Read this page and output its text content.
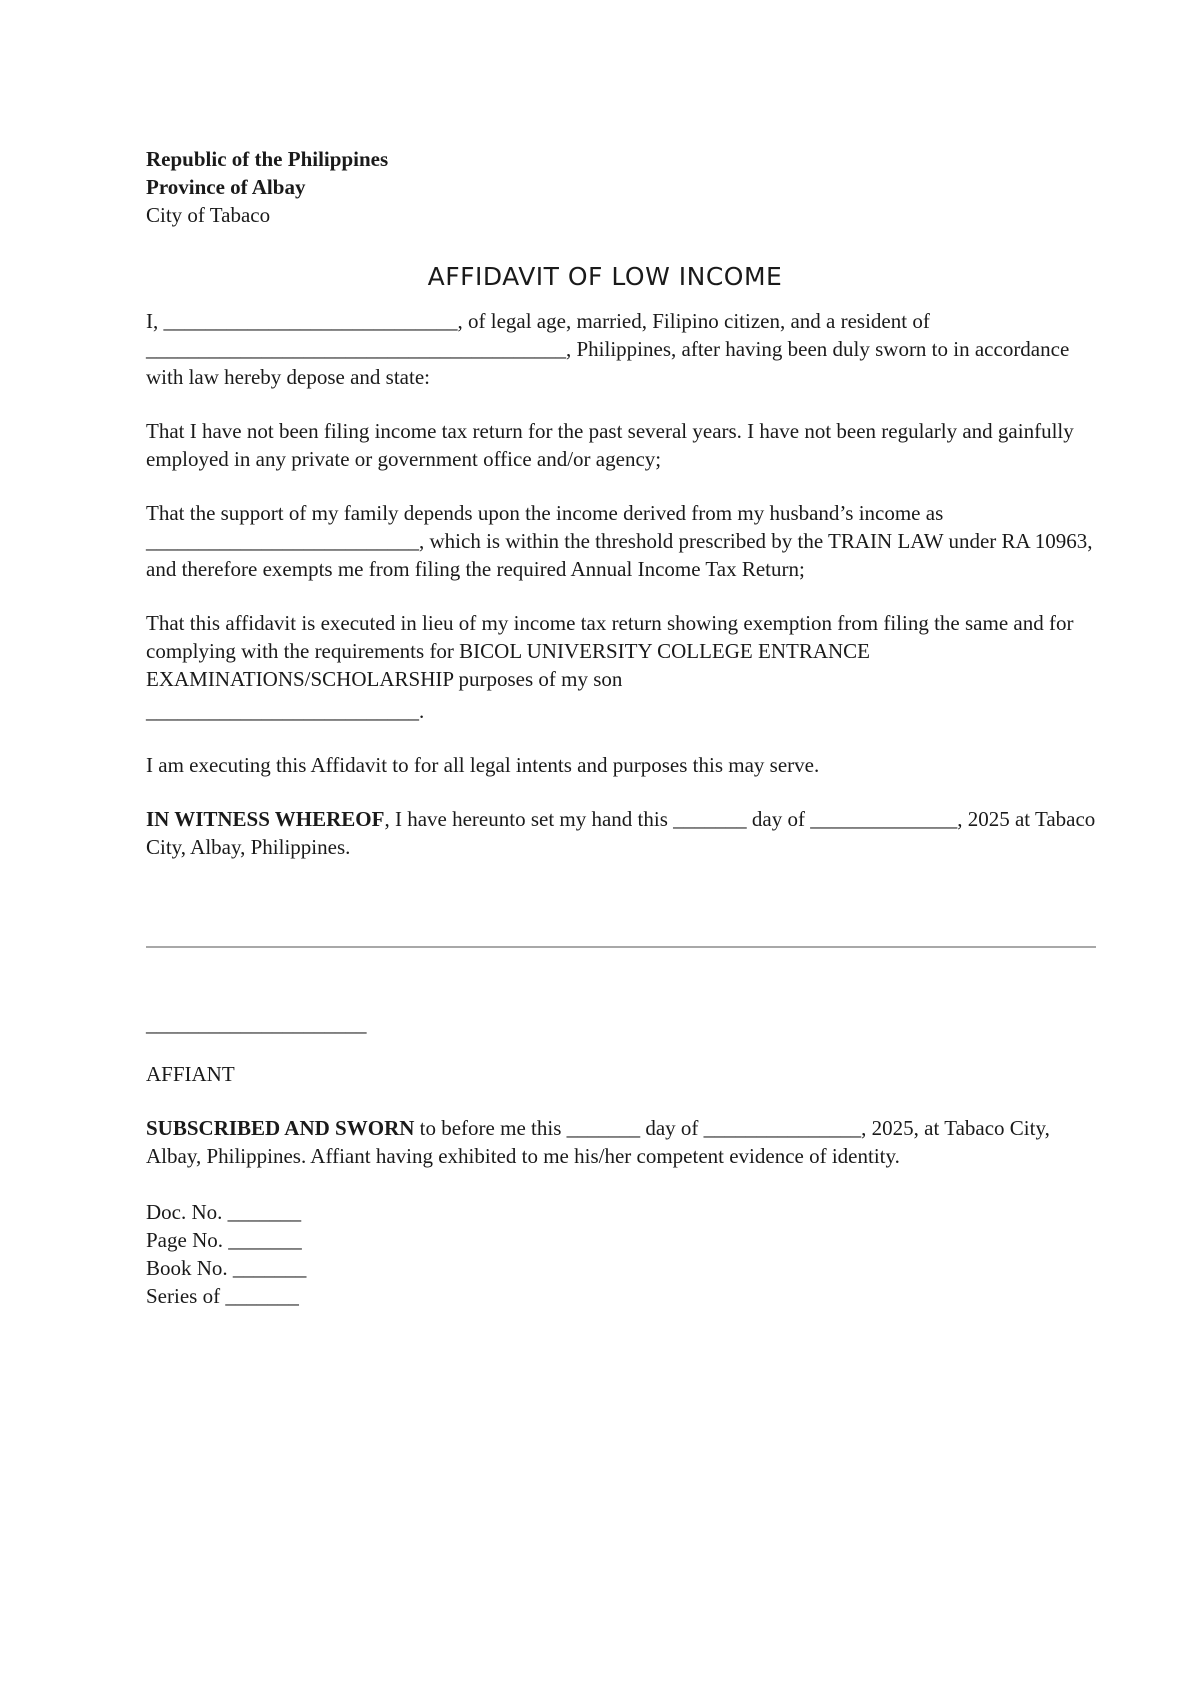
Republic of the Philippines

Province of Albay

City of Tabaco

AFFIDAVIT OF LOW INCOME

I, ____________________________, of legal age, married, Filipino citizen, and a resident of ________________________________________, Philippines, after having been duly sworn to in accordance with law hereby depose and state:

That I have not been filing income tax return for the past several years. I have not been regularly and gainfully employed in any private or government office and/or agency;

That the support of my family depends upon the income derived from my husband’s income as __________________________, which is within the threshold prescribed by the TRAIN LAW under RA 10963, and therefore exempts me from filing the required Annual Income Tax Return;

That this affidavit is executed in lieu of my income tax return showing exemption from filing the same and for complying with the requirements for BICOL UNIVERSITY COLLEGE ENTRANCE EXAMINATIONS/SCHOLARSHIP purposes of my son

__________________________.

I am executing this Affidavit to for all legal intents and purposes this may serve.

IN WITNESS WHEREOF, I have hereunto set my hand this _______ day of ______________, 2025 at Tabaco City, Albay, Philippines.

_____________________

AFFIANT

SUBSCRIBED AND SWORN to before me this _______ day of _______________, 2025, at Tabaco City, Albay, Philippines. Affiant having exhibited to me his/her competent evidence of identity.

Doc. No. _______

Page No. _______

Book No. _______

Series of _______
